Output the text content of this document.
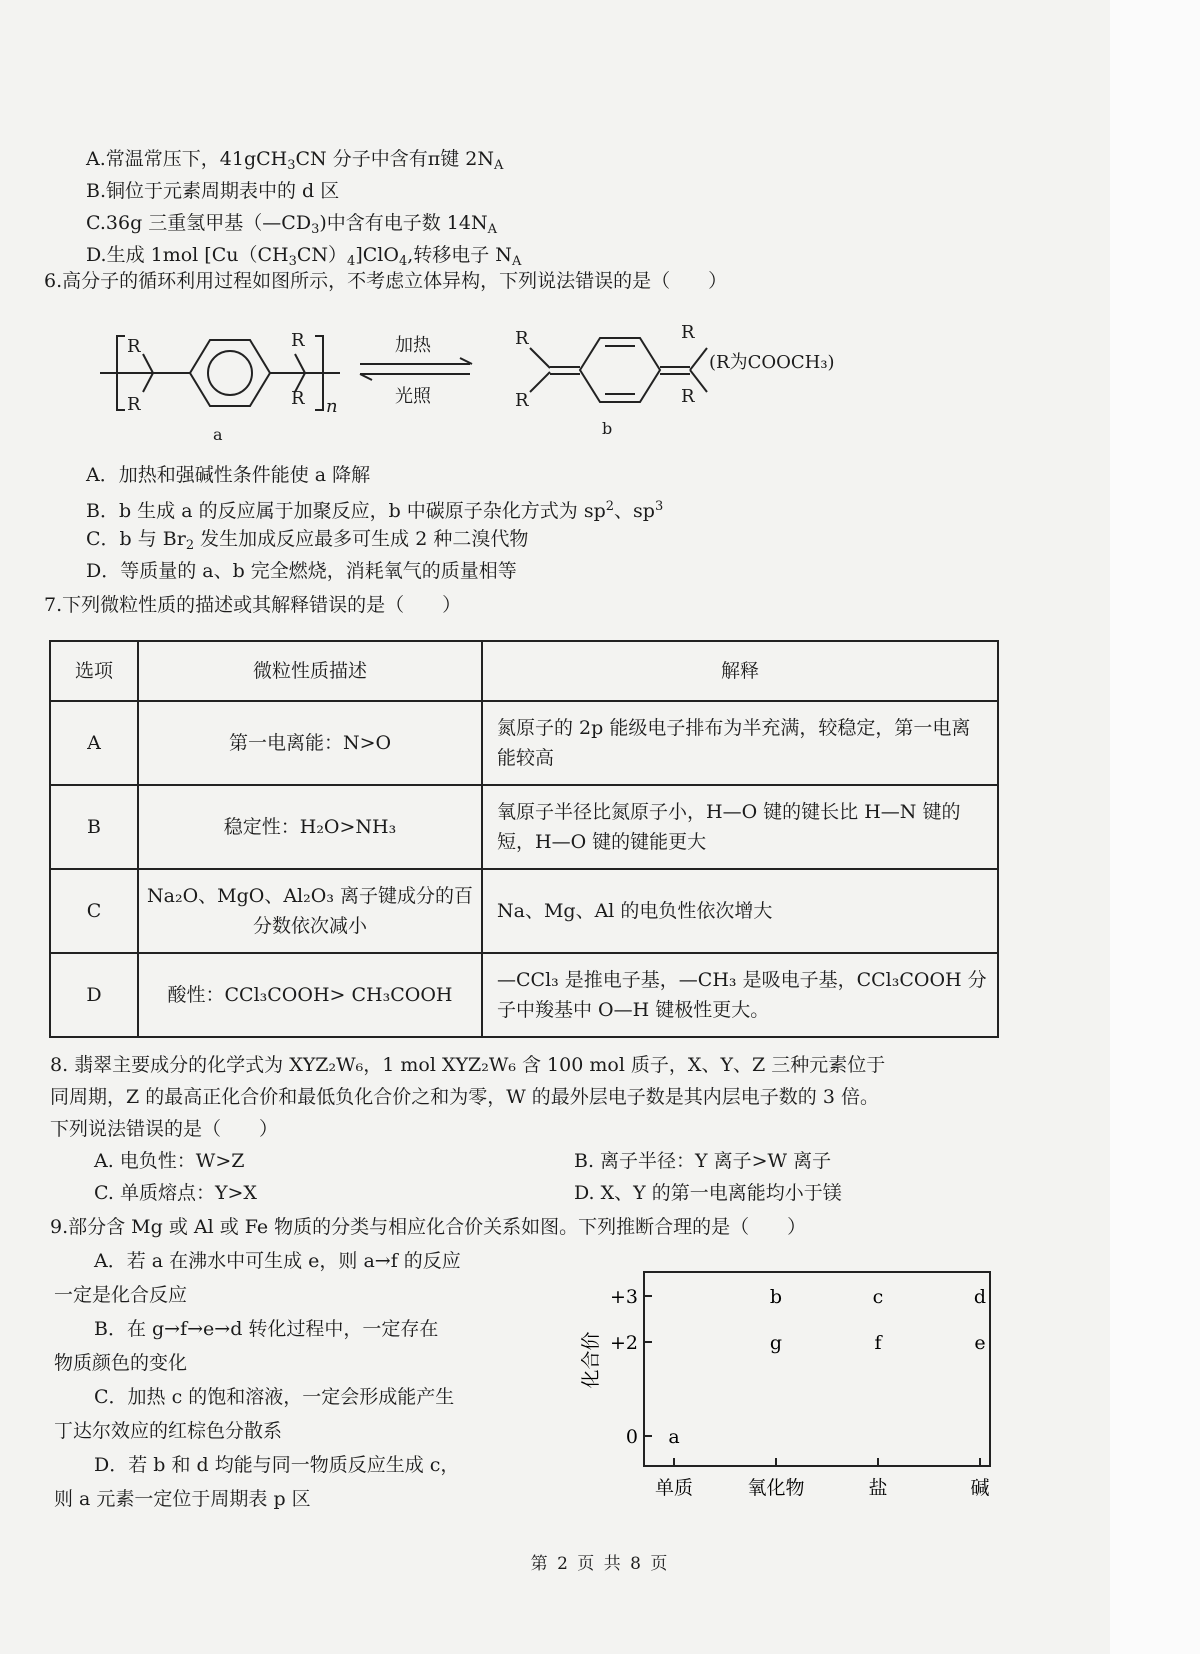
A.常温常压下，41gCH$_3$CN 分子中含有π键 $2N_A$
B.铜位于元素周期表中的 d 区
C.36g 三重氢甲基$(—CD_3)$中含有电子数 $14N_A$
D.生成 1mol $[Cu(CH_3CN)_4]ClO_4$,转移电子 $N_A$
6.高分子的循环利用过程如图所示，不考虑立体异构，下列说法错误的是（　　）
R
R
R
R n
加热
光照
R
R
R
R
(R为COOCH₃)
a	b
A．加热和强碱性条件能使 a 降解
B．b 生成 a 的反应属于加聚反应，b 中碳原子杂化方式为 $sp^2$、$sp^3$
C．b 与 $Br_2$ 发生加成反应最多可生成 2 种二溴代物
D．等质量的 a、b 完全燃烧，消耗氧气的质量相等
7.下列微粒性质的描述或其解释错误的是（　　）
选项	微粒性质描述	解释
A	第一电离能：N>O	氮原子的 2p 能级电子排布为半充满，较稳定，第一电离能较高
B	稳定性：H₂O>NH₃	氧原子半径比氮原子小，H—O 键的键长比 H—N 键的短，H—O 键的键能更大
C	Na₂O、MgO、Al₂O₃ 离子键成分的百分数依次减小	Na、Mg、Al 的电负性依次增大
D	酸性：CCl₃COOH> CH₃COOH	—CCl₃ 是推电子基，—CH₃ 是吸电子基，CCl₃COOH 分子中羧基中 O—H 键极性更大。
8. 翡翠主要成分的化学式为 XYZ₂W₆，1 mol XYZ₂W₆ 含 100 mol 质子，X、Y、Z 三种元素位于
同周期，Z 的最高正化合价和最低负化合价之和为零，W 的最外层电子数是其内层电子数的 3 倍。
下列说法错误的是（　　）
A. 电负性：W>Z	B. 离子半径：Y 离子>W 离子
C. 单质熔点：Y>X	D. X、Y 的第一电离能均小于镁
9.部分含 Mg 或 Al 或 Fe 物质的分类与相应化合价关系如图。下列推断合理的是（　　）
A．若 a 在沸水中可生成 e，则 a→f 的反应
一定是化合反应
B．在 g→f→e→d 转化过程中，一定存在
物质颜色的变化
C．加热 c 的饱和溶液，一定会形成能产生
丁达尔效应的红棕色分散系
D．若 b 和 d 均能与同一物质反应生成 c，
则 a 元素一定位于周期表 p 区
化合价
0
+2
+3
单质	氧化物	盐	碱
a
g
b
f
c
e
d
第 2 页 共 8 页
